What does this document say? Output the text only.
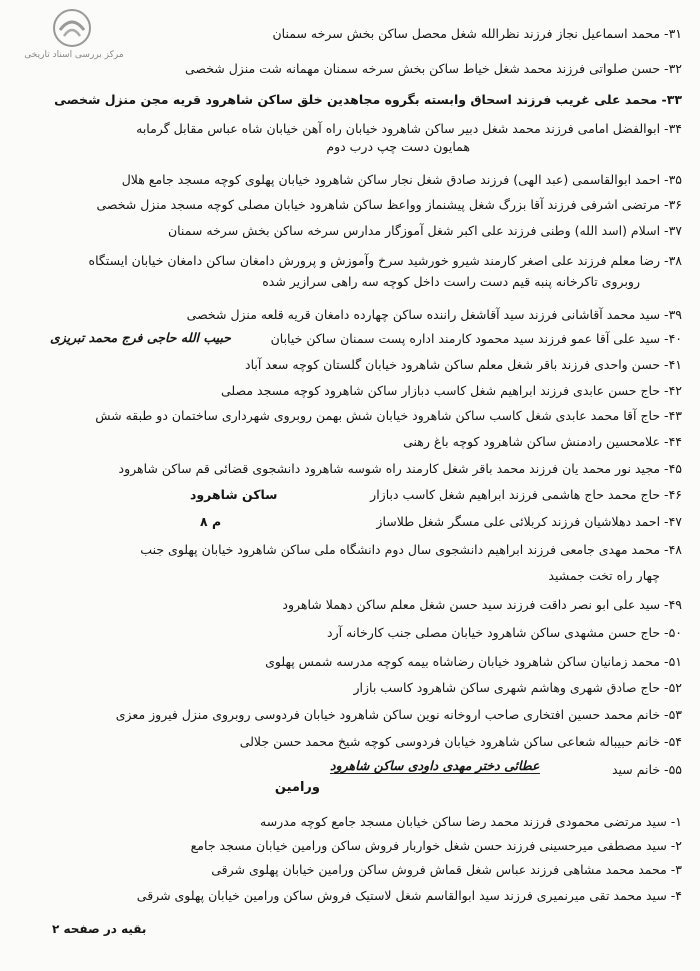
مرکز بررسی اسناد تاریخی
۳۱- محمد اسماعیل نجاز فرزند نظرالله شغل محصل ساکن بخش سرخه سمنان
۳۲- حسن صلواتی فرزند محمد شغل خیاط ساکن بخش سرخه سمنان مهمانه شت منزل شخصی
۳۳- محمد علی غریب فرزند اسحاق وابسته بگروه مجاهدین خلق ساکن شاهرود قریه مجن منزل شخصی
۳۴- ابوالفضل امامی فرزند محمد شغل دبیر ساکن شاهرود خیابان راه آهن خیابان شاه عباس مقابل گرمابه
همایون دست چپ درب دوم
۳۵- احمد ابوالقاسمی (عبد الهی) فرزند صادق شغل نجار ساکن شاهرود خیابان پهلوی کوچه مسجد جامع هلال
۳۶- مرتضی اشرفی فرزند آقا بزرگ شغل پیشنماز وواعظ ساکن شاهرود خیابان مصلی کوچه مسجد منزل شخصی
۳۷- اسلام (اسد الله) وطنی فرزند علی اکبر شغل آموزگار مدارس سرخه ساکن بخش سرخه سمنان
۳۸- رضا معلم فرزند علی اصغر کارمند شیرو خورشید سرخ وآموزش و پرورش دامغان ساکن دامغان خیابان ایستگاه
روبروی تاکرخانه پنبه قیم دست راست داخل کوچه سه راهی سرازیر شده
۳۹- سید محمد آقاشانی فرزند سید آقاشغل راننده ساکن چهارده دامغان قریه قلعه منزل شخصی
۴۰- سید علی آقا عمو فرزند سید محمود کارمند اداره پست سمنان ساکن خیابان
حبیب الله حاجی فرج محمد تبریزی
۴۱- حسن واحدی فرزند باقر شغل معلم ساکن شاهرود خیابان گلستان کوچه سعد آباد
۴۲- حاج حسن عابدی فرزند ابراهیم شغل کاسب دبازار ساکن شاهرود کوچه مسجد مصلی
۴۳- حاج آقا محمد عابدی شغل کاسب ساکن شاهرود خیابان شش بهمن روبروی شهرداری ساختمان دو طبقه شش
۴۴- علامحسین رادمنش ساکن شاهرود کوچه باغ رهنی
۴۵- مجید نور محمد یان فرزند محمد باقر شغل کارمند راه شوسه شاهرود دانشجوی قضائی قم ساکن شاهرود
۴۶- حاج محمد حاج هاشمی فرزند ابراهیم شغل کاسب دبازار
ساکن شاهرود
۴۷- احمد دهلاشیان فرزند کربلائی علی مسگر شغل طلاساز
م ۸
۴۸- محمد مهدی جامعی فرزند ابراهیم دانشجوی سال دوم دانشگاه ملی ساکن شاهرود خیابان پهلوی جنب
چهار راه تخت جمشید
۴۹- سید علی ابو نصر داقت فرزند سید حسن شغل معلم ساکن دهملا شاهرود
۵۰- حاج حسن مشهدی ساکن شاهرود خیابان مصلی جنب کارخانه آرد
۵۱- محمد زمانیان ساکن شاهرود خیابان رضاشاه بیمه کوچه مدرسه شمس پهلوی
۵۲- حاج صادق شهری وهاشم شهری ساکن شاهرود کاسب بازار
۵۳- خانم محمد حسین افتخاری صاحب اروخانه نوین ساکن شاهرود خیابان فردوسی روبروی منزل فیروز معزی
۵۴- خانم حبیباله شعاعی ساکن شاهرود خیابان فردوسی کوچه شیخ محمد حسن جلالی
۵۵- خانم سید
عطائی دختر مهدی داودی ساکن شاهرود
ورامین
۱- سید مرتضی محمودی فرزند محمد رضا ساکن خیابان مسجد جامع کوچه مدرسه
۲- سید مصطفی میرحسینی فرزند حسن شغل خواربار فروش ساکن ورامین خیابان مسجد جامع
۳- محمد محمد مشاهی فرزند عباس شغل قماش فروش ساکن ورامین خیابان پهلوی شرقی
۴- سید محمد تقی میرنمیری فرزند سید ابوالقاسم شغل لاستیک فروش ساکن ورامین خیابان پهلوی شرقی
بقیه در صفحه ۲
